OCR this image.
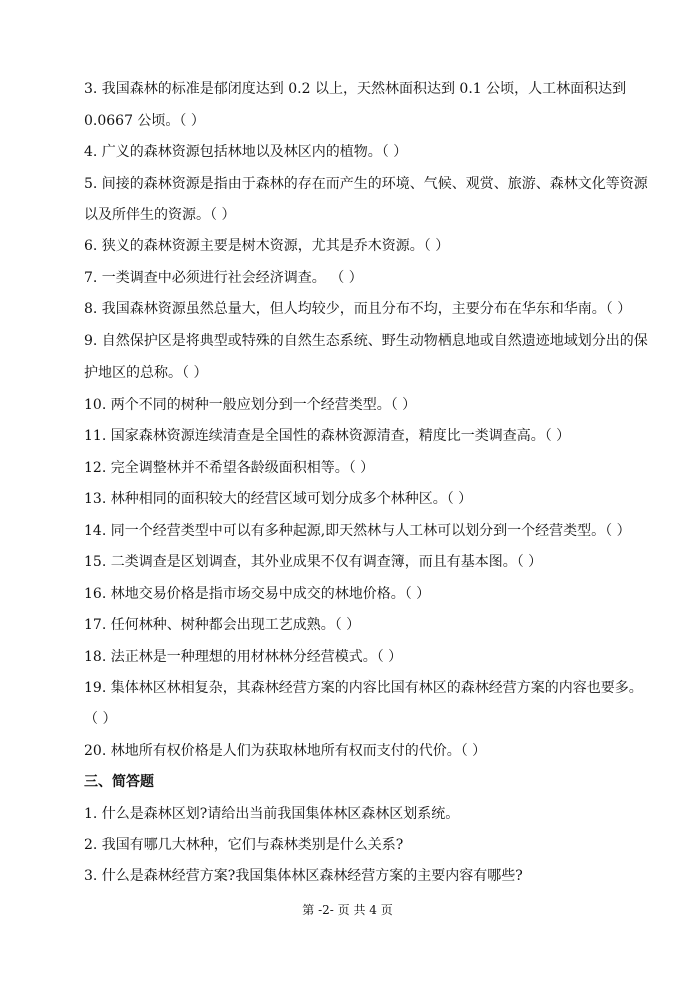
3. 我国森林的标准是郁闭度达到 0.2 以上，天然林面积达到 0.1 公顷，人工林面积达到
0.0667 公顷。（ ）
4. 广义的森林资源包括林地以及林区内的植物。（ ）
5. 间接的森林资源是指由于森林的存在而产生的环境、气候、观赏、旅游、森林文化等资源
以及所伴生的资源。（ ）
6. 狭义的森林资源主要是树木资源，尤其是乔木资源。（ ）
7. 一类调查中必须进行社会经济调查。 （ ）
8. 我国森林资源虽然总量大，但人均较少，而且分布不均，主要分布在华东和华南。（ ）
9. 自然保护区是将典型或特殊的自然生态系统、野生动物栖息地或自然遗迹地域划分出的保
护地区的总称。（ ）
10. 两个不同的树种一般应划分到一个经营类型。（ ）
11. 国家森林资源连续清查是全国性的森林资源清查，精度比一类调查高。（ ）
12. 完全调整林并不希望各龄级面积相等。（ ）
13. 林种相同的面积较大的经营区域可划分成多个林种区。（ ）
14. 同一个经营类型中可以有多种起源,即天然林与人工林可以划分到一个经营类型。（ ）
15. 二类调查是区划调查，其外业成果不仅有调查簿，而且有基本图。（ ）
16. 林地交易价格是指市场交易中成交的林地价格。（ ）
17. 任何林种、树种都会出现工艺成熟。（ ）
18. 法正林是一种理想的用材林林分经营模式。（ ）
19. 集体林区林相复杂，其森林经营方案的内容比国有林区的森林经营方案的内容也要多。
（ ）
20. 林地所有权价格是人们为获取林地所有权而支付的代价。（ ）
三、简答题
1. 什么是森林区划?请给出当前我国集体林区森林区划系统。
2. 我国有哪几大林种，它们与森林类别是什么关系?
3. 什么是森林经营方案?我国集体林区森林经营方案的主要内容有哪些?
第 -2- 页 共 4 页
